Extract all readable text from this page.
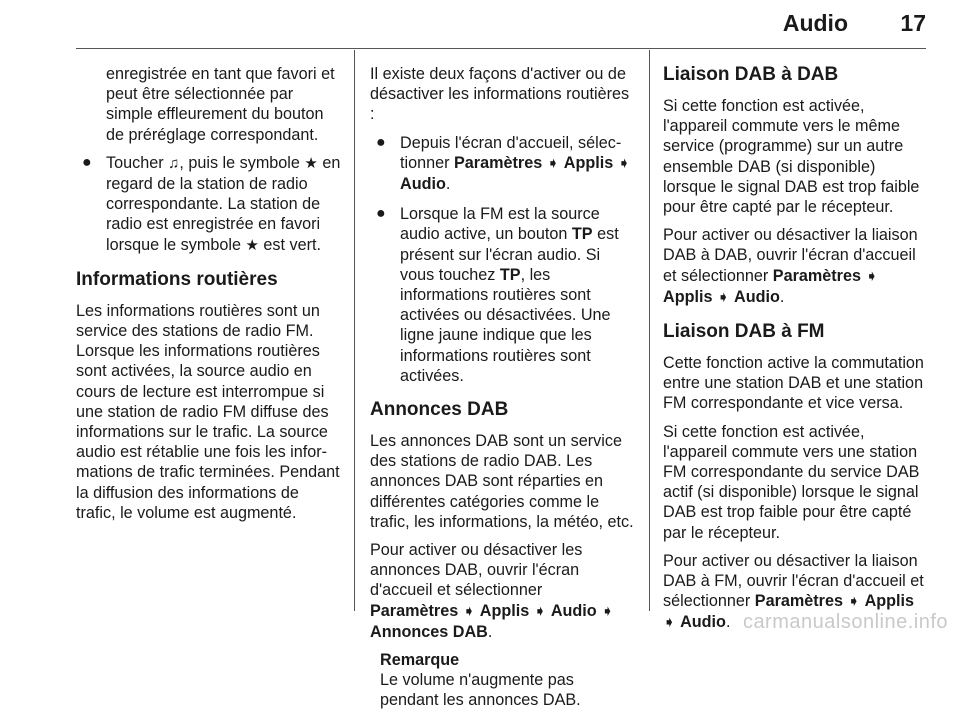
Audio 17

enregistrée en tant que favori et peut être sélectionnée par simple effleurement du bouton de préréglage correspondant.

● Toucher ♫, puis le symbole ★ en regard de la station de radio correspondante. La station de radio est enregistrée en favori lorsque le symbole ★ est vert.
Informations routières

Les informations routières sont un service des stations de radio FM. Lorsque les informations routières sont activées, la source audio en cours de lecture est interrompue si une station de radio FM diffuse des informations sur le trafic. La source audio est rétablie une fois les informations de trafic terminées. Pendant la diffusion des informations de trafic, le volume est augmenté.

Il existe deux façons d'activer ou de désactiver les informations routières :

● Depuis l'écran d'accueil, sélectionner Paramètres ➧ Applis ➧ Audio.
● Lorsque la FM est la source audio active, un bouton TP est présent sur l'écran audio. Si vous touchez TP, les informations routières sont activées ou désactivées. Une ligne jaune indique que les informations routières sont activées.
Annonces DAB

Les annonces DAB sont un service des stations de radio DAB. Les annonces DAB sont réparties en différentes catégories comme le trafic, les informations, la météo, etc.

Pour activer ou désactiver les annonces DAB, ouvrir l'écran d'accueil et sélectionner Paramètres ➧ Applis ➧ Audio ➧ Annonces DAB.

Remarque
Le volume n'augmente pas pendant les annonces DAB.
Liaison DAB à DAB

Si cette fonction est activée, l'appareil commute vers le même service (programme) sur un autre ensemble DAB (si disponible) lorsque le signal DAB est trop faible pour être capté par le récepteur.

Pour activer ou désactiver la liaison DAB à DAB, ouvrir l'écran d'accueil et sélectionner Paramètres ➧ Applis ➧ Audio.

Liaison DAB à FM

Cette fonction active la commutation entre une station DAB et une station FM correspondante et vice versa.

Si cette fonction est activée, l'appareil commute vers une station FM correspondante du service DAB actif (si disponible) lorsque le signal DAB est trop faible pour être capté par le récepteur.

Pour activer ou désactiver la liaison DAB à FM, ouvrir l'écran d'accueil et sélectionner Paramètres ➧ Applis ➧ Audio. carmanualsonline.info
